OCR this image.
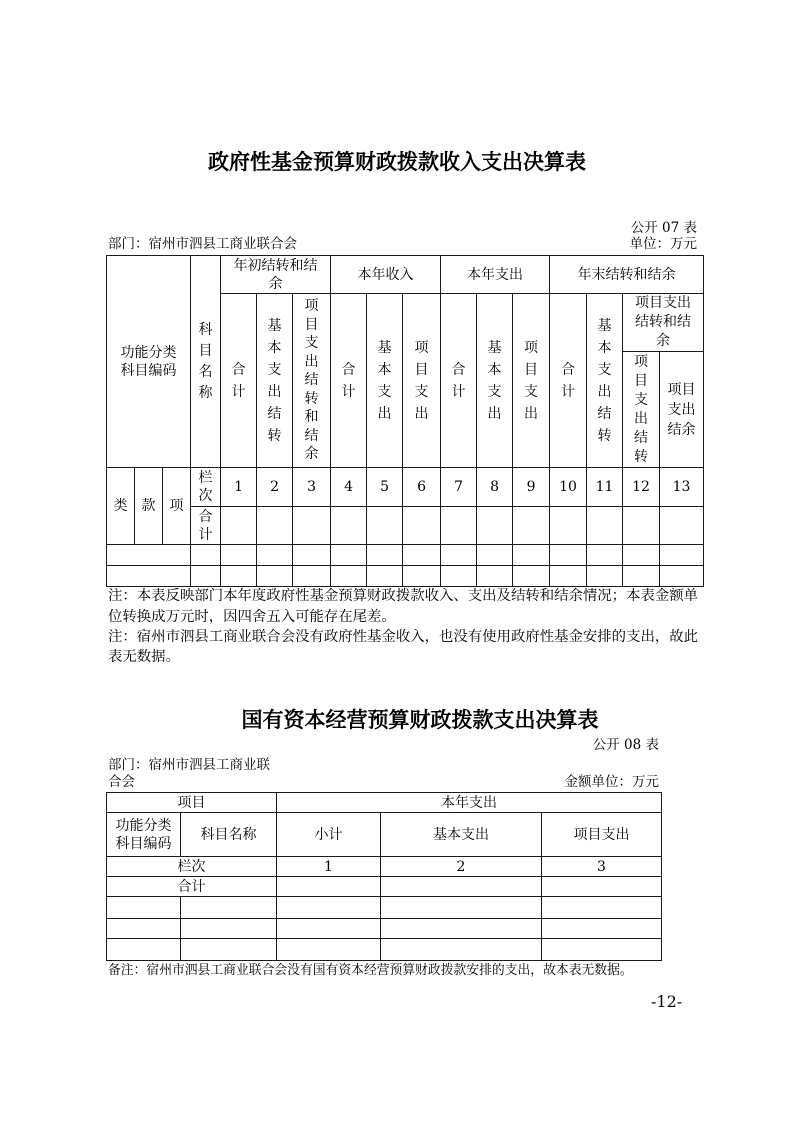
政府性基金预算财政拨款收入支出决算表
公开 07 表
部门：宿州市泗县工商业联合会	单位：万元
功能分类科目编码			科目名称	年初结转和结余			本年收入			本年支出			年末结转和结余			
				合计	基本支出结转	项目支出结转和结余	合计	基本支出	项目支出	合计	基本支出	项目支出	合计	基本支出结转	项目支出结转和结余	
															项目支出结转	项目支出结余
类	款	项	栏次	1	2	3	4	5	6	7	8	9	10	11	12	13
			合计													

注：本表反映部门本年度政府性基金预算财政拨款收入、支出及结转和结余情况；本表金额单
位转换成万元时，因四舍五入可能存在尾差。
注：宿州市泗县工商业联合会没有政府性基金收入，也没有使用政府性基金安排的支出，故此
表无数据。
国有资本经营预算财政拨款支出决算表
公开 08 表
部门：宿州市泗县工商业联
合会	金额单位：万元
项目		本年支出		
功能分类科目编码	科目名称	小计	基本支出	项目支出
栏次		1	2	3
合计				

备注：宿州市泗县工商业联合会没有国有资本经营预算财政拨款安排的支出，故本表无数据。
-12-
